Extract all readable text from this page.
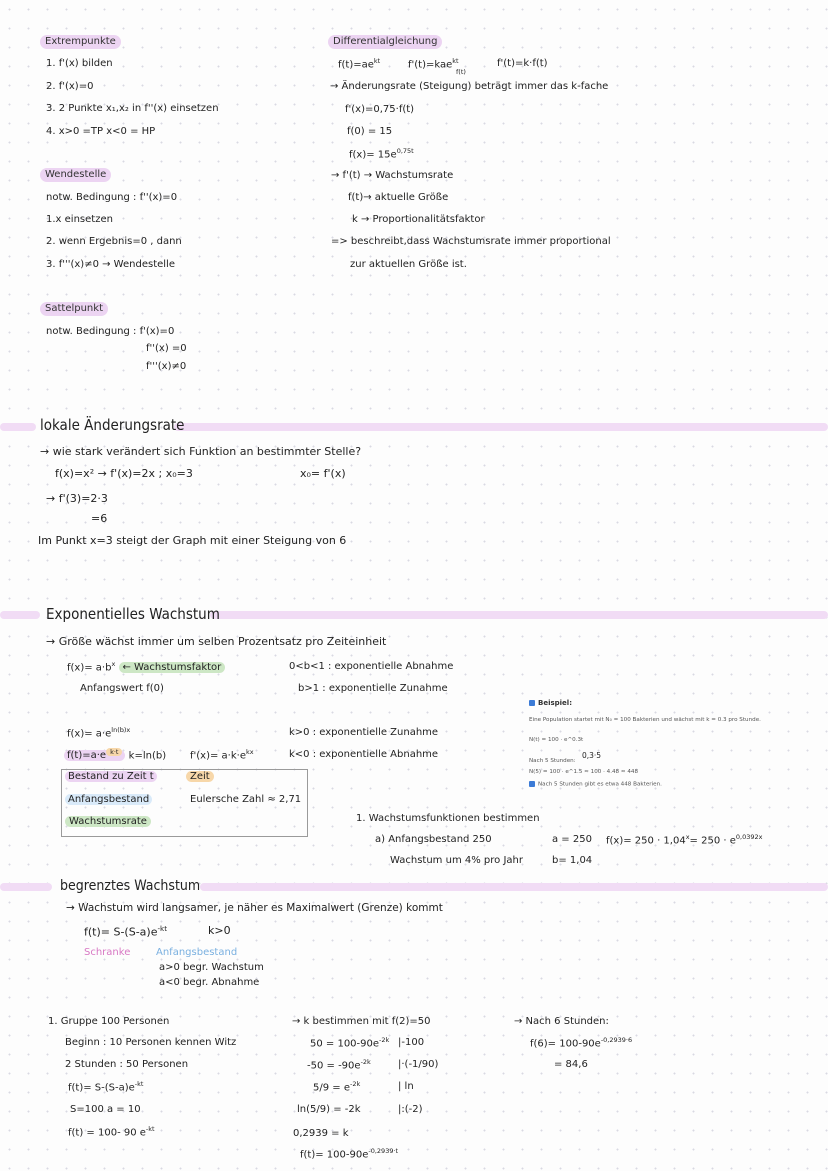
Extrempunkte
1. f'(x) bilden
2. f'(x)=0
3. 2 Punkte x₁,x₂ in f''(x) einsetzen
4. x>0 =TP x<0 = HP
Wendestelle
notw. Bedingung : f''(x)=0
1.x einsetzen
2. wenn Ergebnis=0 , dann
3. f'''(x)≠0 → Wendestelle
Sattelpunkt
notw. Bedingung : f'(x)=0
f''(x) =0
f'''(x)≠0
Differentialgleichung
$f(t)=ae^{kt}$	f'(t)=kae$^{kt}$
f(t)
f'(t)=k·f(t)
→ Änderungsrate (Steigung) beträgt immer das k-fache
f'(x)=0,75·f(t)
f(0) = 15
$f(x)= 15e^{0,75t}$
→ f'(t) → Wachstumsrate
f(t)→ aktuelle Größe
k → Proportionalitätsfaktor
=> beschreibt,dass Wachstumsrate immer proportional
zur aktuellen Größe ist.
lokale Änderungsrate
→ wie stark verändert sich Funktion an bestimmter Stelle?
f(x)=x² → f'(x)=2x ; x₀=3	x₀= f'(x)
→ f'(3)=2·3
=6
Im Punkt x=3 steigt der Graph mit einer Steigung von 6
Exponentielles Wachstum
→ Größe wächst immer um selben Prozentsatz pro Zeiteinheit
$f(x)= a\cdot b^x$ ← Wachstumsfaktor
Anfangswert f(0)
0<b<1 : exponentielle Abnahme
b>1 : exponentielle Zunahme
$f(x)= a\cdot e^{ln(b)x}$
f(t)=a·e $^{k\cdot t}$ k=ln(b) $f'(x)= a\cdot k\cdot e^{kx}$
k>0 : exponentielle Zunahme
k<0 : exponentielle Abnahme
Bestand zu Zeit t	Zeit
Anfangsbestand	Eulersche Zahl ≈ 2,71
Wachstumsrate
Beispiel:
Eine Population startet mit N₀ = 100 Bakterien und wächst mit k = 0.3 pro Stunde.
N(t) = 100 · e^0.3t
Nach 5 Stunden:
0,3·5
N(5) = 100 · e^1.5 ≈ 100 · 4.48 ≈ 448
Nach 5 Stunden gibt es etwa 448 Bakterien.
1. Wachstumsfunktionen bestimmen
a) Anfangsbestand 250	a = 250 $f(x)= 250 \cdot 1,04^x= 250 \cdot e^{0,0392x}$
Wachstum um 4% pro Jahr	b= 1,04
begrenztes Wachstum
→ Wachstum wird langsamer, je näher es Maximalwert (Grenze) kommt
$f(t)= S-(S-a)e^{-kt}$	k>0
Schranke	Anfangsbestand
a>0 begr. Wachstum
a<0 begr. Abnahme
1. Gruppe 100 Personen
Beginn : 10 Personen kennen Witz
2 Stunden : 50 Personen
$f(t)= S-(S-a)e^{-kt}$
S=100 a = 10
f(t) = 100- 90 $e^{-kt}$
→ k bestimmen mit f(2)=50
$50 = 100-90e^{-2k}$ |-100
$-50 = -90e^{-2k}$	|·(-1/90)
$5/9 = e^{-2k}$	| ln
ln(5/9) = -2k	|:(-2)
0,2939 = k
$f(t)= 100-90e^{-0,2939\cdot t}$
→ Nach 6 Stunden:
$f(6)= 100-90e^{-0,2939\cdot 6}$
= 84,6
